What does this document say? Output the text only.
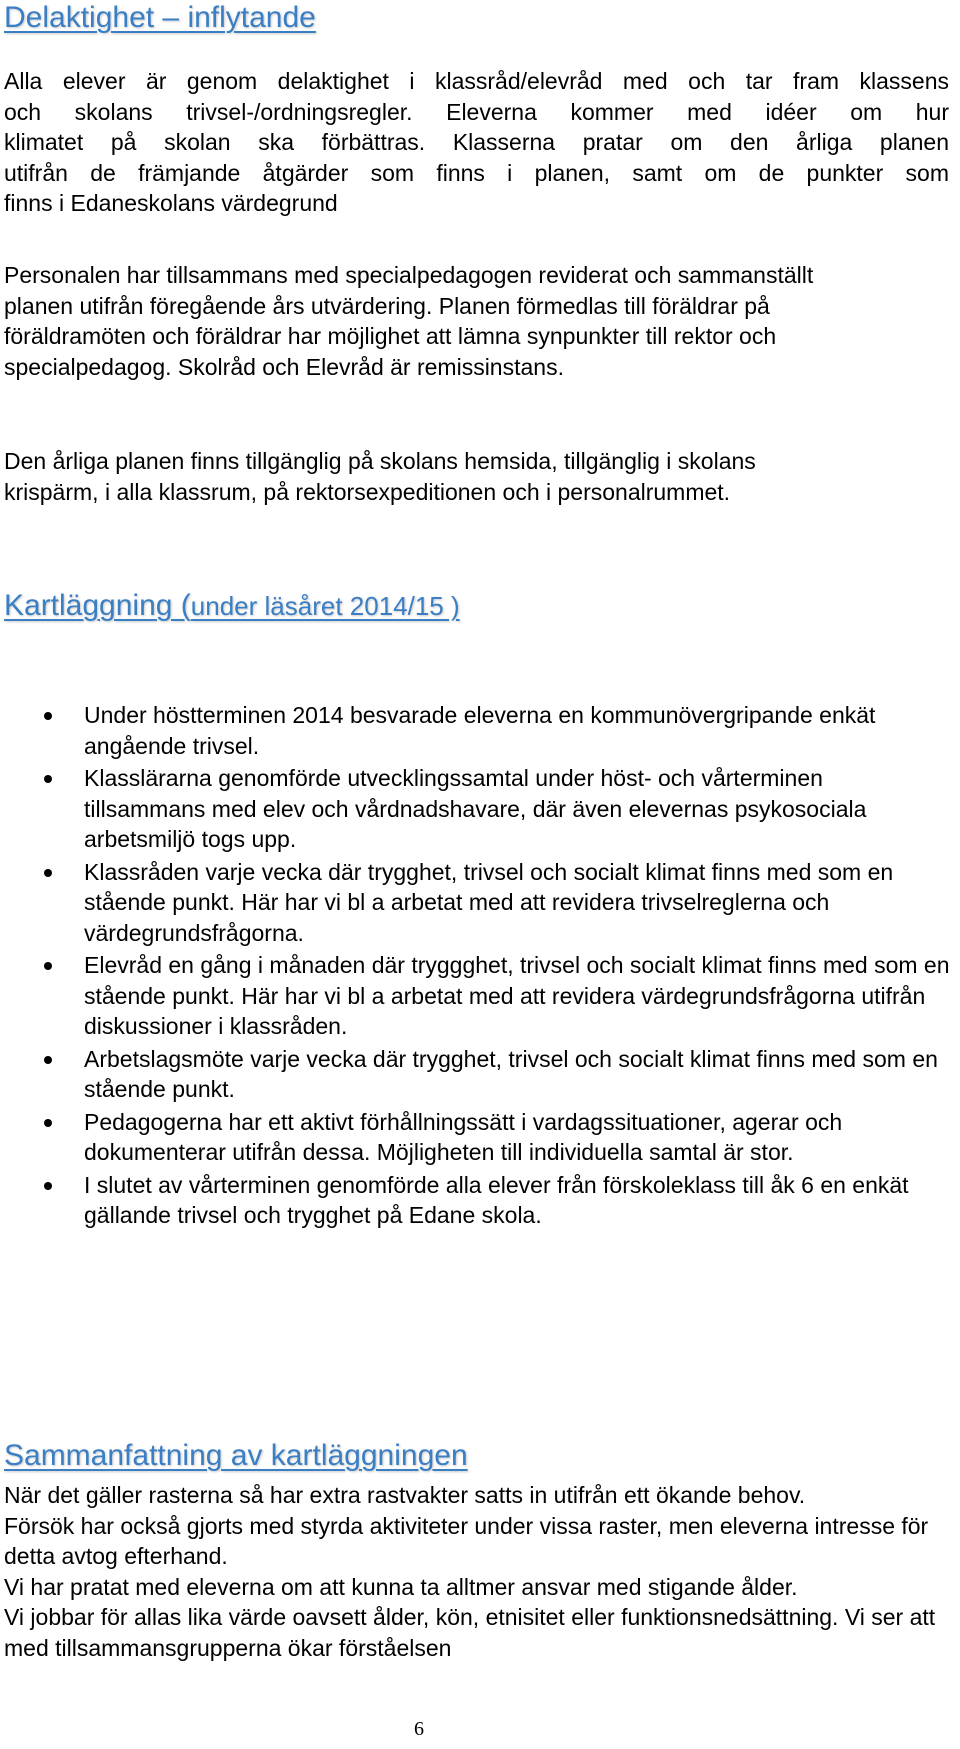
Delaktighet – inflytande
Alla elever är genom delaktighet i klassråd/elevråd med och tar fram klassens
och skolans trivsel-/ordningsregler. Eleverna kommer med idéer om hur
klimatet på skolan ska förbättras. Klasserna pratar om den årliga planen
utifrån de främjande åtgärder som finns i planen, samt om de punkter som
finns i Edaneskolans värdegrund

Personalen har tillsammans med specialpedagogen reviderat och sammanställt planen utifrån föregående års utvärdering. Planen förmedlas till föräldrar på föräldramöten och föräldrar har möjlighet att lämna synpunkter till rektor och specialpedagog. Skolråd och Elevråd är remissinstans.

Den årliga planen finns tillgänglig på skolans hemsida, tillgänglig i skolans krispärm, i alla klassrum, på rektorsexpeditionen och i personalrummet.

Kartläggning (under läsåret 2014/15 )
Under höstterminen 2014 besvarade eleverna en kommunövergripande enkät angående trivsel.
Klasslärarna genomförde utvecklingssamtal under höst- och vårterminen tillsammans med elev och vårdnadshavare, där även elevernas psykosociala arbetsmiljö togs upp.
Klassråden varje vecka där trygghet, trivsel och socialt klimat finns med som en stående punkt. Här har vi bl a arbetat med att revidera trivselreglerna och värdegrundsfrågorna.
Elevråd en gång i månaden där tryggghet, trivsel och socialt klimat finns med som en stående punkt. Här har vi bl a arbetat med att revidera värdegrundsfrågorna utifrån diskussioner i klassråden.
Arbetslagsmöte varje vecka där trygghet, trivsel och socialt klimat finns med som en stående punkt.
Pedagogerna har ett aktivt förhållningssätt i vardagssituationer, agerar och dokumenterar utifrån dessa. Möjligheten till individuella samtal är stor.
I slutet av vårterminen genomförde alla elever från förskoleklass till åk 6 en enkät gällande trivsel och trygghet på Edane skola.
Sammanfattning av kartläggningen
När det gäller rasterna så har extra rastvakter satts in utifrån ett ökande behov.
Försök har också gjorts med styrda aktiviteter under vissa raster, men eleverna intresse för detta avtog efterhand.
Vi har pratat med eleverna om att kunna ta alltmer ansvar med stigande ålder.
Vi jobbar för allas lika värde oavsett ålder, kön, etnisitet eller funktionsnedsättning. Vi ser att med tillsammansgrupperna ökar förståelsen
6
